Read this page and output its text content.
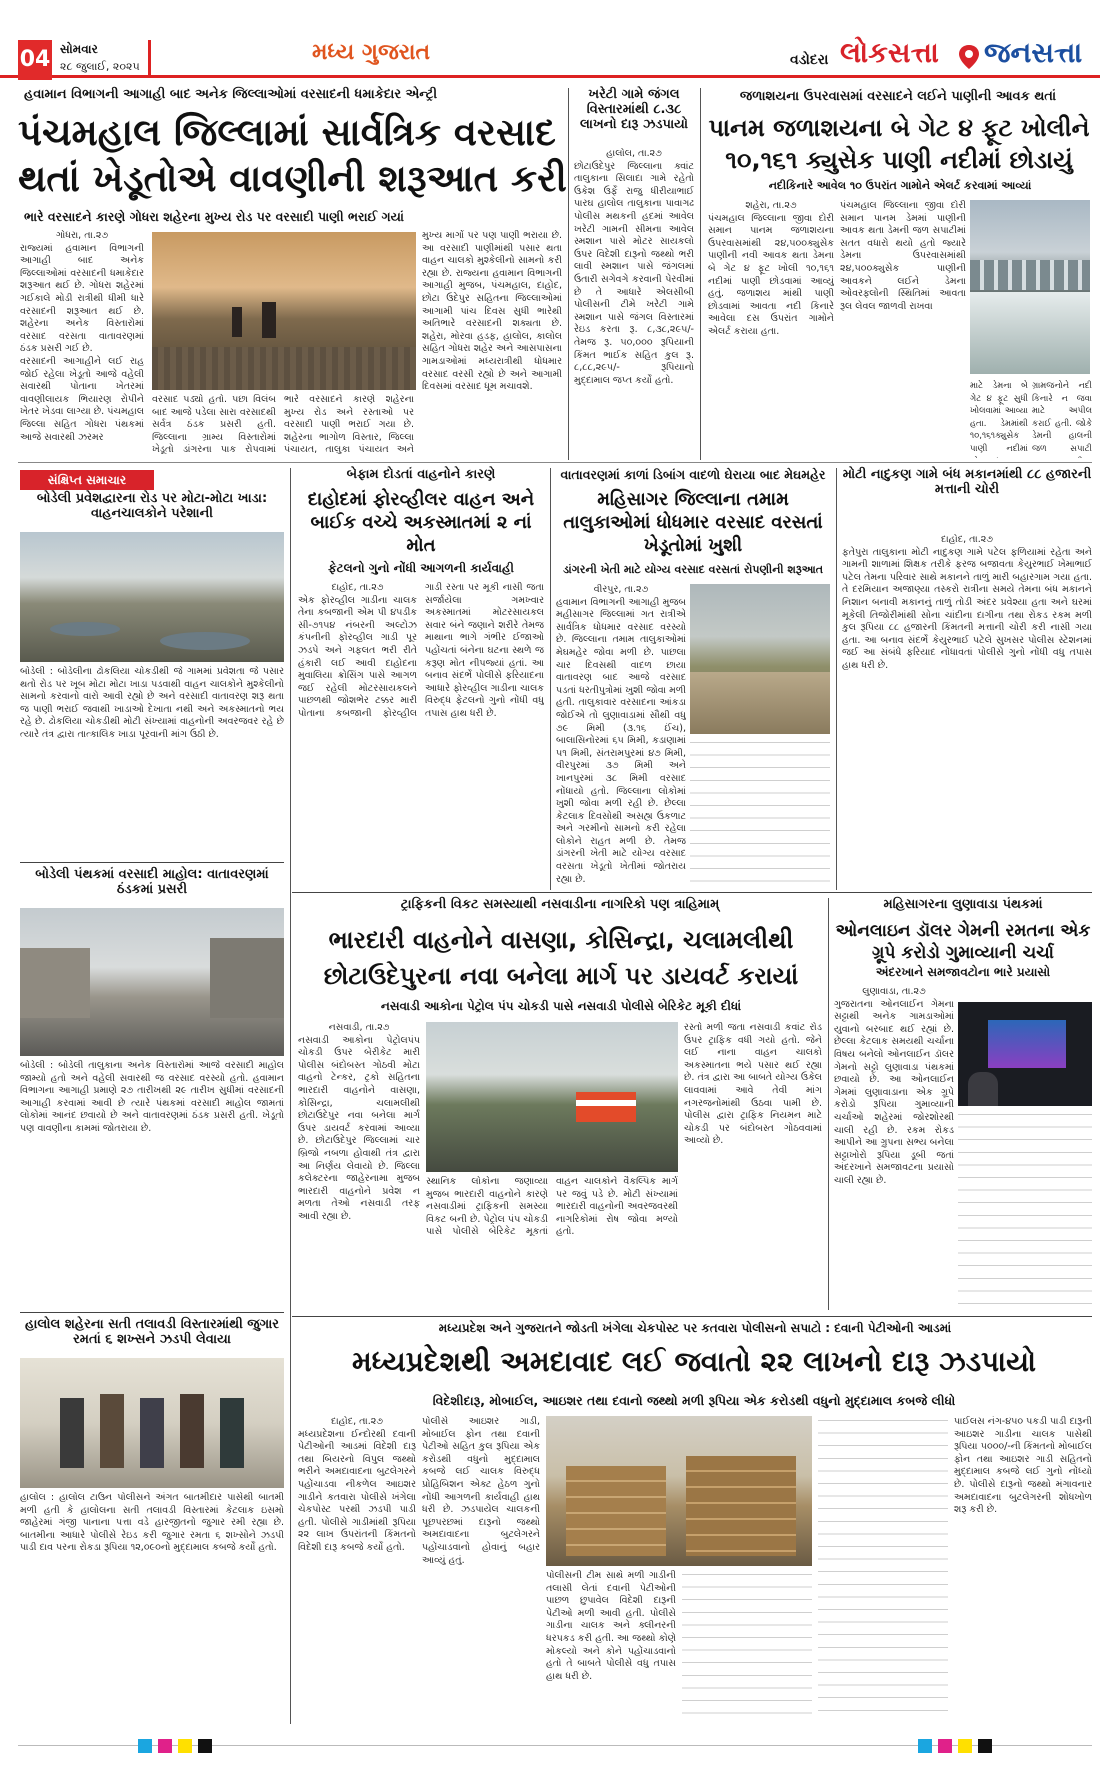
04 સોમવાર
૨૮ જુલાઈ, ૨૦૨૫
મધ્ય ગુજરાત	વડોદરા લોકસત્તા જનસત્તા
હવામાન વિભાગની આગાહી બાદ અનેક જિલ્લાઓમાં વરસાદની ધમાકેદાર એન્ટ્રી
પંચમહાલ જિલ્લામાં સાર્વત્રિક વરસાદ
થતાં ખેડૂતોએ વાવણીની શરૂઆત કરી
ભારે વરસાદને કારણે ગોધરા શહેરના મુખ્ય રોડ પર વરસાદી પાણી ભરાઈ ગયાં
ગોધરા, તા.૨૭
રાજ્યમાં હવામાન વિભાગની આગાહી બાદ અનેક જિલ્લાઓમાં વરસાદની ધમાકેદાર શરૂઆત થઈ છે. ગોધરા શહેરમાં ગઈકાલે મોડી રાત્રીથી ધીમી ધારે વરસાદની શરૂઆત થઈ છે. શહેરના અનેક વિસ્તારોમાં વરસાદ વરસતા વાતાવરણમાં ઠંડક પ્રસરી ગઈ છે.
વરસાદની આગાહીને લઈ રાહ જોઈ રહેલા ખેડૂતો આજે વહેલી સવારથી પોતાના ખેતરમાં વાવણીલાયક ભિયારણ રોપીને ખેતર ખેડવા લાગ્યા છે. પંચમહાલ જિલ્લા સહિત ગોધરા પંથકમાં આજે સવારથી ઝરમર
વરસાદ પડ્યો હતો. પછા વિલંબ બાદ આજે પડેલા સારા વરસાદથી સર્વત્ર ઠંડક પ્રસરી હતી. જિલ્લાના ગ્રામ્ય વિસ્તારોમાં ખેડૂતો ડાંગરના પાક રોપવામાં
ભારે વરસાદને કારણે શહેરના મુખ્ય રોડ અને રસ્તાઓ પર વરસાદી પાણી ભરાઈ ગયા છે. શહેરના ભાગોળ વિસ્તાર, જિલ્લા પંચાયત, તાલુકા પંચાયત અને
મુખ્ય માર્ગો પર પણ પાણી ભરાયા છે. આ વરસાદી પાણીમાંથી પસાર થતા વાહન ચાલકો મુશ્કેલીનો સામનો કરી રહ્યા છે. રાજ્યના હવામાન વિભાગની આગાહી મુજબ, પંચમહાલ, દાહોદ, છોટા ઉદેપુર સહિતના જિલ્લાઓમાં આગામી પાંચ દિવસ સુધી ભારેથી અતિભારે વરસાદની શક્યતા છે. શહેરા, મોરવા હડફ, હાલોલ, કાલોલ સહિત ગોધરા શહેર અને આસપાસના ગામડાઓમાં મધ્યરાત્રીથી ધોધમાર વરસાદ વરસી રહ્યો છે અને આગામી દિવસમાં વરસાદ ધૂમ મચાવશે.
ખરેટી ગામે જંગલ વિસ્તારમાંથી ૮.૩૮ લાખનો દારૂ ઝડપાયો
હાલોલ, તા.૨૭
છોટાઉદેપુર જિલ્લાના ક્વાંટ તાલુકાના સિલાદા ગામે રહેતો ઉકેશ ઉર્ફે રાજુ ધીરીયાભાઈ પારઘ હાલોલ તાલુકાના પાવાગઢ પોલીસ મથકની હદમાં આવેલ ખરેટી ગામની સીમના આવેલ સ્મશાન પાસે મોટર સાયકલો ઉપર વિદેશી દારૂનો જથ્થો ભરી લાવી સ્મશાન પાસે જંગલમાં ઉતારી સગેવગે કરવાની પેરવીમાં છે તે આધારે એલસીબી પોલીસની ટીમે ખરેટી ગામે સ્મશાન પાસે જંગલ વિસ્તારમાં રેઇડ કરતા રૂ. ૮,૩૮,૨૯૫/- તેમજ રૂ. ૫૦,૦૦૦ રૂપિયાની કિંમત ભાઈક સહિત કુલ રૂ. ૮,૮૮,૨૯૫/- રૂપિયાનો મુદ્દામાલ જપ્ત કર્યો હતો.
જળાશયના ઉપરવાસમાં વરસાદને લઈને પાણીની આવક થતાં
પાનમ જળાશયના બે ગેટ ૪ ફૂટ ખોલીને
૧૦,૧૬૧ ક્યુસેક પાણી નદીમાં છોડાયું
નદીકિનારે આવેલ ૧૦ ઉપરાંત ગામોને એલર્ટ કરવામાં આવ્યાં
શહેરા, તા.૨૭
પંચમહાલ જિલ્લાના જીવા દોરી સમાન પાનમ જળાશયના ઉપરવાસમાંથી ૨૪,૫૦૦ક્યુસેક પાણીની નવી આવક થતા ડેમના બે ગેટ ૪ ફૂટ ખોલી ૧૦,૧૬૧ નદીમાં પાણી છોડવામાં આવ્યું હતું. જળાશય માંથી પાણી છોડવામાં આવતા નદી કિનારે આવેલા દસ ઉપરાંત ગામોને એલર્ટ કરાયા હતા.
પંચમહાલ જિલ્લાના જીવા દોરી સમાન પાનમ ડેમમાં પાણીની આવક થતા ડેમની જળ સપાટીમાં સતત વધારો થયો હતો જ્યારે ડેમના ઉપરવાસમાંથી ૨૪,૫૦૦ક્યુસેક પાણીની આવકને લઈને ડેમના ઓવરફ્લોની સ્થિતિમાં આવતા રૂલ લેવલ જાળવી રાખવા
માટે ડેમના બે ગેટ ૪ ફૂટ સુધી ખોલવામાં આવ્યા હતા. ડેમમાંથી ૧૦,૧૬૧ક્યુસેક પાણી નદીમાં
ગ્રામજનોને નદી કિનારે ન જવા માટે અપીલ કરાઈ હતી. જોકે ડેમની હાલની જળ સપાટી
સંક્ષિપ્ત સમાચાર
બોડેલી પ્રવેશદ્વારના રોડ પર મોટા-મોટા ખાડા: વાહનચાલકોને પરેશાની
બોડેલી : બોડેલીના ઢોકલિયા ચોકડીથી જે ગામમાં પ્રવેશતા જે પસાર થતો રોડ પર ખૂબ મોટા મોટા ખાડા પડવાથી વાહન ચાલકોને મુશ્કેલીનો સામનો કરવાનો વારો આવી રહ્યો છે અને વરસાદી વાતાવરણ શરૂ થતા જ પાણી ભરાઈ જવાથી ખાડાઓ દેખાતા નથી અને અકસ્માતનો ભય રહે છે. ઢોકલિયા ચોકડીથી મોટી સંખ્યામાં વાહનોની અવરજવર રહે છે ત્યારે તંત્ર દ્વારા તાત્કાલિક ખાડા પૂરવાની માંગ ઉઠી છે.
બોડેલી પંથકમાં વરસાદી માહોલ: વાતાવરણમાં ઠંડકમાં પ્રસરી
બોડેલી : બોડેલી તાલુકાના અનેક વિસ્તારોમાં આજે વરસાદી માહોલ જામ્યો હતો અને વહેલી સવારથી જ વરસાદ વરસ્યો હતો. હવામાન વિભાગના આગાહી પ્રમાણે ૨૭ તારીખથી ૨૯ તારીખ સુધીમાં વરસાદની આગાહી કરવામાં આવી છે ત્યારે પંથકમાં વરસાદી માહોલ જામતાં લોકોમાં આનંદ છવાયો છે અને વાતાવરણમાં ઠંડક પ્રસરી હતી. ખેડૂતો પણ વાવણીના કામમાં જોતરાયા છે.
હાલોલ શહેરના સતી તલાવડી વિસ્તારમાંથી જુગાર રમતાં ૬ શખ્સને ઝડપી લેવાયા
હાલોલ : હાલોલ ટાઉન પોલીસને અંગત બાતમીદાર પાસેથી બાતમી મળી હતી કે હાલોલના સતી તલાવડી વિસ્તારમાં કેટલાક ઇસમો જાહેરમાં ગંજી પાનાના પત્તા વડે હારજીતનો જુગાર રમી રહ્યા છે. બાતમીના આધારે પોલીસે રેઇડ કરી જુગાર રમતા ૬ શખ્સોને ઝડપી પાડી દાવ પરના રોકડા રૂપિયા ૧૨,૦૯૦નો મુદ્દામાલ કબજે કર્યો હતો.
બેફામ દોડતાં વાહનોને કારણે
દાહોદમાં ફોરવ્હીલર વાહન અને બાઈક વચ્ચે અકસ્માતમાં ૨ નાં મોત
ફેટલનો ગુનો નોંધી આગળની કાર્યવાહી
દાહોદ, તા.૨૭
એક ફોરવ્હીલ ગાડીના ચાલક તેના કબજાની એમ પી ૪૫ડીક સી-૭૧૫૪ નંબરની અલ્ટોઝ કંપનીની ફોરવ્હીલ ગાડી પૂર ઝડપે અને ગફલત ભરી રીતે હંકારી લઈ આવી દાહોદના મુવાલિયા ક્રોસિંગ પાસે આગળ જઈ રહેલી મોટરસાયકલને પાછળથી જોશભેર ટક્કર મારી પોતાના કબજાની ફોરવ્હીલ ગાડી રસ્તા પર મૂકી નાસી જતા સર્જાયેલા ગમખ્વાર અકસ્માતમાં મોટરસાયકલ સવાર બંને જણાને શરીરે તેમજ માથાના ભાગે ગંભીર ઈજાઓ પહોંચતાં બંનેના ઘટના સ્થળે જ કરૂણ મોત નીપજ્યાં હતાં. આ બનાવ સંદર્ભે પોલીસે ફરિયાદના આધારે ફોરવ્હીલ ગાડીના ચાલક વિરુદ્ધ ફેટલનો ગુનો નોંધી વધુ તપાસ હાથ ધરી છે.
વાતાવરણમાં કાળાં ડિબાંગ વાદળો ઘેરાયા બાદ મેઘમહેર
મહિસાગર જિલ્લાના તમામ તાલુકાઓમાં ધોધમાર વરસાદ વરસતાં ખેડૂતોમાં ખુશી
ડાંગરની ખેતી માટે યોગ્ય વરસાદ વરસતાં રોપણીની શરૂઆત
વીરપુર, તા.૨૭
હવામાન વિભાગની આગાહી મુજબ મહીસાગર જિલ્લામાં ગત રાત્રીએ સાર્વત્રિક ધોધમાર વરસાદ વરસ્યો છે. જિલ્લાના તમામ તાલુકાઓમાં મેઘમહેર જોવા મળી છે. પાછલા ચાર દિવસથી વાદળ છાયા વાતાવરણ બાદ આજે વરસાદ પડતાં ધરતીપુત્રોમાં ખુશી જોવા મળી હતી. તાલુકાવાર વરસાદના આંકડા જોઈએ તો લુણાવાડામાં સૌથી વધુ ૭૯ મિમી (૩.૧૬ ઈંચ), બાલાસિનોરમાં ૬૫ મિમી, કડાણામાં ૫૧ મિમી, સંતરામપુરમાં ૪૭ મિમી, વીરપુરમાં ૩૭ મિમી અને ખાનપુરમાં ૩૮ મિમી વરસાદ નોંધાયો હતો. જિલ્લાના લોકોમાં ખુશી જોવા મળી રહી છે. છેલ્લા કેટલાક દિવસોથી અસહ્ય ઉકળાટ અને ગરમીનો સામનો કરી રહેલા લોકોને રાહત મળી છે. તેમજ ડાંગરની ખેતી માટે યોગ્ય વરસાદ વરસતા ખેડૂતો ખેતીમાં જોતરાય રહ્યા છે.
મોટી નાદુકણ ગામે બંધ મકાનમાંથી ૮૮ હજારની મત્તાની ચોરી
દાહોદ, તા.૨૭
ફતેપુરા તાલુકાના મોટી નાદુકણ ગામે પટેલ ફળિયામાં રહેતા અને ગામની શાળામાં શિક્ષક તરીકે ફરજ બજાવતા કેયુરભાઈ ખેમાભાઈ પટેલ તેમના પરિવાર સાથે મકાનને તાળું મારી બહારગામ ગયા હતા. તે દરમિયાન અજાણ્યા તસ્કરો રાત્રીના સમયે તેમના બંધ મકાનને નિશાન બનાવી મકાનનું તાળું તોડી અંદર પ્રવેશ્યા હતા અને ઘરમાં મૂકેલી તિજોરીમાંથી સોના ચાંદીના દાગીના તથા રોકડ રકમ મળી કુલ રૂપિયા ૮૮ હજારની કિંમતની મત્તાની ચોરી કરી નાસી ગયા હતા. આ બનાવ સંદર્ભે કેયુરભાઈ પટેલે સુખસર પોલીસ સ્ટેશનમાં જઈ આ સંબંધે ફરિયાદ નોંધાવતાં પોલીસે ગુનો નોંધી વધુ તપાસ હાથ ધરી છે.
ટ્રાફિકની વિકટ સમસ્યાથી નસવાડીના નાગરિકો પણ ત્રાહિમામ્
ભારદારી વાહનોને વાસણા, કોસિન્દ્રા, ચલામલીથી
છોટાઉદેપુરના નવા બનેલા માર્ગ પર ડાયવર્ટ કરાયાં
નસવાડી આકોના પેટ્રોલ પંપ ચોકડી પાસે નસવાડી પોલીસે બેરિકેટ મૂકી દીધાં
નસવાડી, તા.૨૭
નસવાડી આકોના પેટ્રોલપંપ ચોકડી ઉપર બેરીકેટ મારી પોલીસ બંદોબસ્ત ગોઠવી મોટા વાહનો ટેન્કર, ટ્રકો સહિતના ભારદારી વાહનોને વાસણા, કોસિન્દ્રા, ચલામલીથી છોટાઉદેપુર નવા બનેલા માર્ગ ઉપર ડાયવર્ટ કરવામાં આવ્યા છે. છોટાઉદેપુર જિલ્લામાં ચાર બ્રિજો નબળા હોવાથી તંત્ર દ્વારા આ નિર્ણય લેવાયો છે. જિલ્લા કલેક્ટરના જાહેરનામા મુજબ ભારદારી વાહનોને પ્રવેશ ન મળતા તેઓ નસવાડી તરફ આવી રહ્યા છે.
સ્થાનિક લોકોના જણાવ્યા મુજબ ભારદારી વાહનોને કારણે નસવાડીમાં ટ્રાફિકની સમસ્યા વિકટ બની છે. પેટ્રોલ પંપ ચોકડી પાસે પોલીસે બેરિકેટ મૂકતાં વાહન ચાલકોને વૈકલ્પિક માર્ગ પર જવું પડે છે. મોટી સંખ્યામાં ભારદારી વાહનોની અવરજવરથી નાગરિકોમાં રોષ જોવા મળ્યો હતો.
રસ્તો મળી જતા નસવાડી કવાંટ રોડ ઉપર ટ્રાફિક વધી ગયો હતો. જેને લઈ નાના વાહન ચાલકો અકસ્માતના ભયે પસાર થઈ રહ્યા છે. તંત્ર દ્વારા આ બાબતે યોગ્ય ઉકેલ લાવવામાં આવે તેવી માંગ નગરજનોમાંથી ઉઠવા પામી છે. પોલીસ દ્વારા ટ્રાફિક નિયમન માટે ચોકડી પર બંદોબસ્ત ગોઠવવામાં આવ્યો છે.
મહિસાગરના લુણાવાડા પંથકમાં
ઓનલાઇન ડૉલર ગેમની રમતના એક ગ્રૂપે કરોડો ગુમાવ્યાની ચર્ચા
અંદરખાને સમજાવટોના ભારે પ્રયાસો
લુણાવાડા, તા.૨૭
ગુજરાતના ઓનલાઈન ગેમના સટ્ટાથી અનેક ગામડાઓમાં યુવાનો બરબાદ થઈ રહ્યાં છે. છેલ્લા કેટલાક સમયથી ચર્ચાના વિષય બનેલો ઓનલાઈન ડૉલર ગેમનો સટ્ટો લુણાવાડા પંથકમાં છવાયો છે. આ ઓનલાઈન ગેમમાં લુણાવાડાના એક ગ્રૂપે કરોડો રૂપિયા ગુમાવ્યાની ચર્ચાઓ શહેરમાં જોરશોરથી ચાલી રહી છે. રકમ રોકડ આપીને આ ગ્રુપના સભ્ય બનેલા સટ્ટાખોરો રૂપિયા ડૂબી જતાં અંદરખાને સમજાવટના પ્રયાસો ચાલી રહ્યા છે.
મધ્યપ્રદેશ અને ગુજરાતને જોડતી ખંગેલા ચેકપોસ્ટ પર કતવારા પોલીસનો સપાટો : દવાની પેટીઓની આડમાં
મધ્યપ્રદેશથી અમદાવાદ લઈ જવાતો ૨૨ લાખનો દારૂ ઝડપાયો
વિદેશીદારૂ, મોબાઈલ, આઇશર તથા દવાનો જથ્થો મળી રૂપિયા એક કરોડથી વધુનો મુદ્દામાલ કબજે લીધો
દાહોદ, તા.૨૭
મધ્યપ્રદેશના ઈન્દોરથી દવાની પેટીઓની આડમાં વિદેશી દારૂ તથા બિયરનો વિપુલ જથ્થો ભરીને અમદાવાદના બુટલેગરને પહોંચાડવા નીકળેલ આઇશર ગાડીને કતવારા પોલીસે ખંગેલા ચેકપોસ્ટ પરથી ઝડપી પાડી હતી. પોલીસે ગાડીમાંથી રૂપિયા ૨૨ લાખ ઉપરાંતની કિંમતનો વિદેશી દારૂ કબજે કર્યો હતો.
પોલીસે આઇશર ગાડી, મોબાઈલ ફોન તથા દવાની પેટીઓ સહિત કુલ રૂપિયા એક કરોડથી વધુનો મુદ્દામાલ કબજે લઈ ચાલક વિરુદ્ધ પ્રોહિબિશન એક્ટ હેઠળ ગુનો નોંધી આગળની કાર્યવાહી હાથ ધરી છે. ઝડપાયેલ ચાલકની પૂછપરછમાં દારૂનો જથ્થો અમદાવાદના બુટલેગરને પહોંચાડવાનો હોવાનું બહાર આવ્યું હતું.
પોલીસની ટીમ સાથે મળી ગાડીની તલાસી લેતાં દવાની પેટીઓની પાછળ છુપાવેલ વિદેશી દારૂની પેટીઓ મળી આવી હતી. પોલીસે ગાડીના ચાલક અને ક્લીનરની ધરપકડ કરી હતી. આ જથ્થો કોણે મોકલ્યો અને કોને પહોંચાડવાનો હતો તે બાબતે પોલીસે વધુ તપાસ હાથ ધરી છે.
પાઈલસ નંગ-૪૫૦ પકડી પાડી દારૂની આઇશર ગાડીના ચાલક પાસેથી રૂપિયા ૫૦૦૦/-ની કિંમતનો મોબાઈલ ફોન તથા આઇશર ગાડી સહિતનો મુદ્દામાલ કબજે લઈ ગુનો નોંધ્યો છે. પોલીસે દારૂનો જથ્થો મંગાવનાર અમદાવાદના બુટલેગરની શોધખોળ શરૂ કરી છે.
